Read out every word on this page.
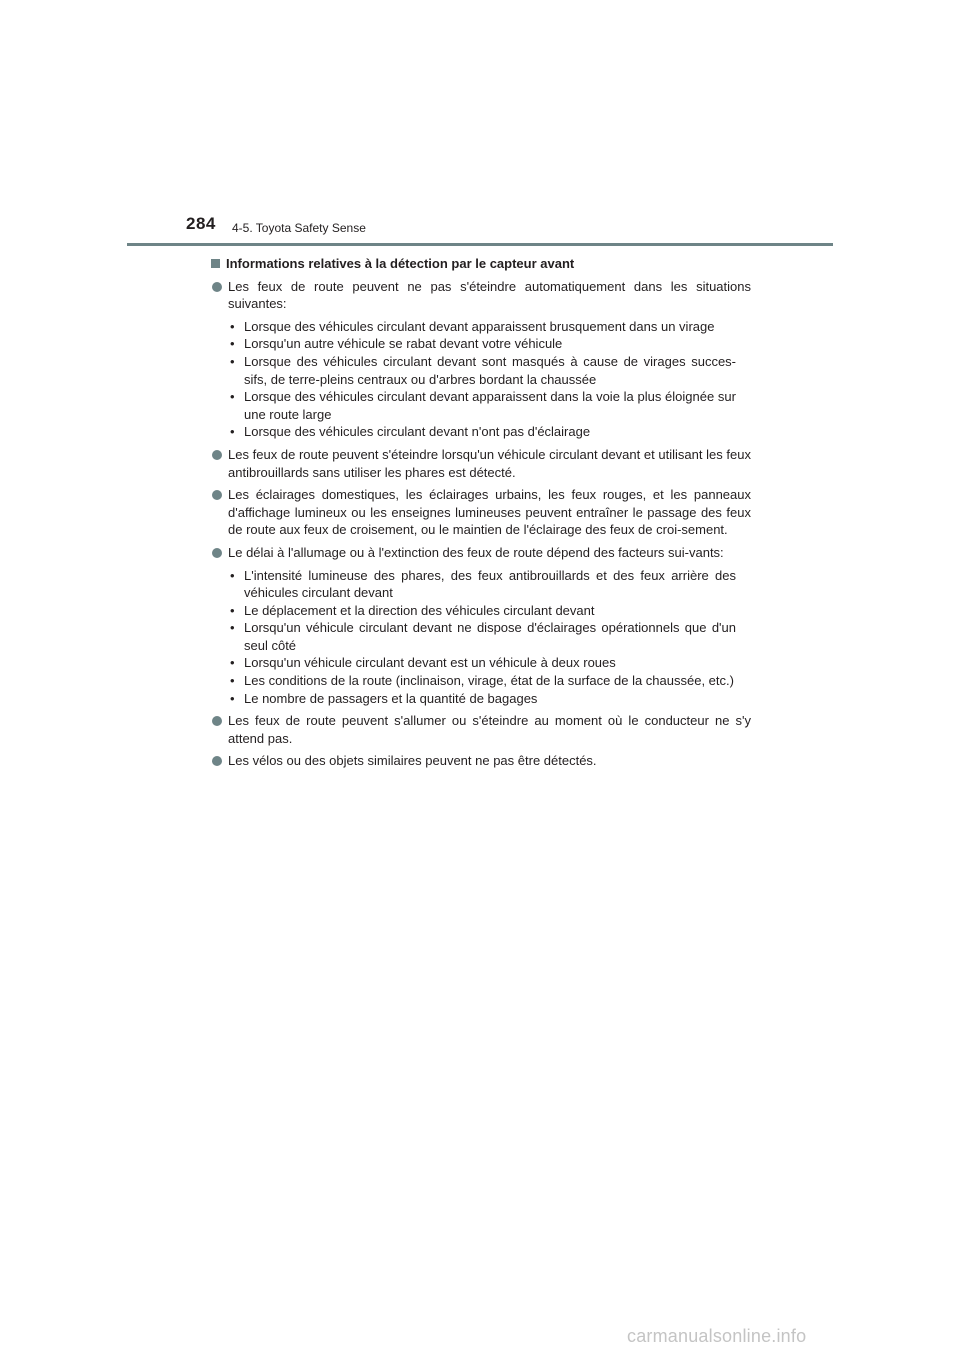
284 4-5. Toyota Safety Sense
Informations relatives à la détection par le capteur avant

Les feux de route peuvent ne pas s'éteindre automatiquement dans les situations suivantes:

• Lorsque des véhicules circulant devant apparaissent brusquement dans un virage
• Lorsqu'un autre véhicule se rabat devant votre véhicule
• Lorsque des véhicules circulant devant sont masqués à cause de virages succes-sifs, de terre-pleins centraux ou d'arbres bordant la chaussée
• Lorsque des véhicules circulant devant apparaissent dans la voie la plus éloignée sur une route large
• Lorsque des véhicules circulant devant n'ont pas d'éclairage

Les feux de route peuvent s'éteindre lorsqu'un véhicule circulant devant et utilisant les feux antibrouillards sans utiliser les phares est détecté.

Les éclairages domestiques, les éclairages urbains, les feux rouges, et les panneaux d'affichage lumineux ou les enseignes lumineuses peuvent entraîner le passage des feux de route aux feux de croisement, ou le maintien de l'éclairage des feux de croi-sement.

Le délai à l'allumage ou à l'extinction des feux de route dépend des facteurs sui-vants:

• L'intensité lumineuse des phares, des feux antibrouillards et des feux arrière des véhicules circulant devant
• Le déplacement et la direction des véhicules circulant devant
• Lorsqu'un véhicule circulant devant ne dispose d'éclairages opérationnels que d'un seul côté
• Lorsqu'un véhicule circulant devant est un véhicule à deux roues
• Les conditions de la route (inclinaison, virage, état de la surface de la chaussée, etc.)
• Le nombre de passagers et la quantité de bagages

Les feux de route peuvent s'allumer ou s'éteindre au moment où le conducteur ne s'y attend pas.

Les vélos ou des objets similaires peuvent ne pas être détectés.

carmanualsonline.info
